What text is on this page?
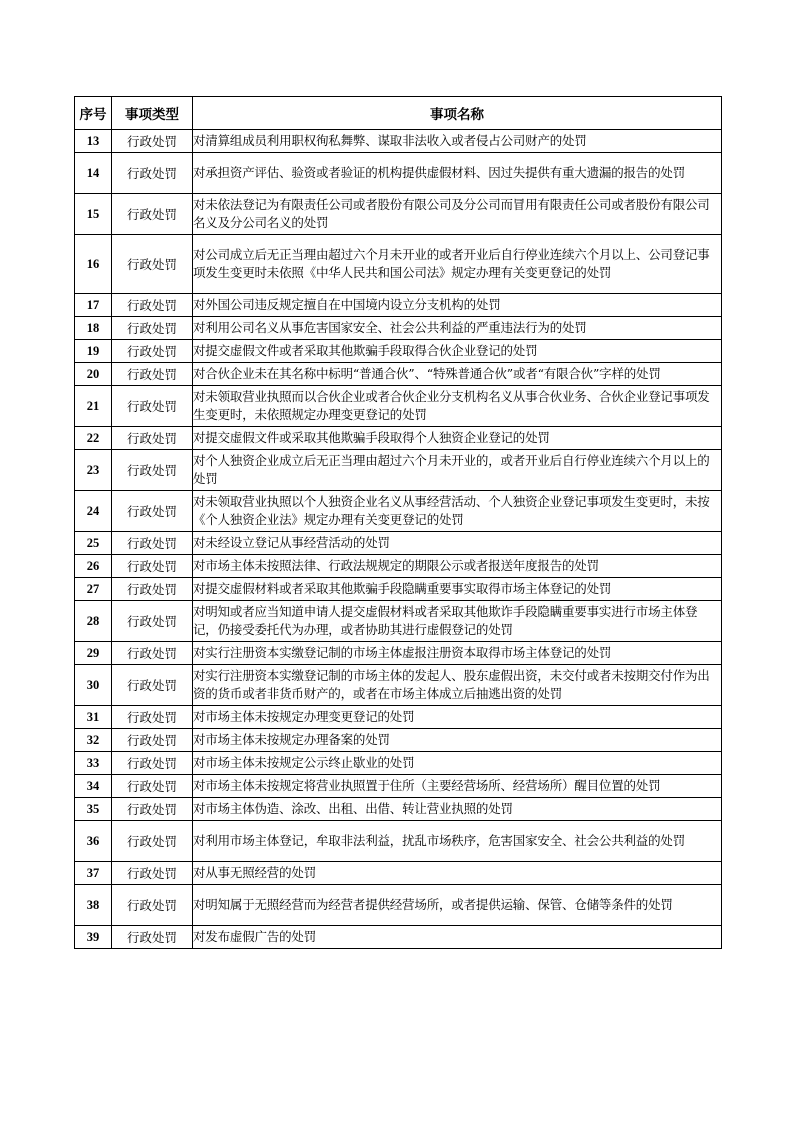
序号	事项类型	事项名称
13	行政处罚	对清算组成员利用职权徇私舞弊、谋取非法收入或者侵占公司财产的处罚
14	行政处罚	对承担资产评估、验资或者验证的机构提供虚假材料、因过失提供有重大遗漏的报告的处罚
15	行政处罚	对未依法登记为有限责任公司或者股份有限公司及分公司而冒用有限责任公司或者股份有限公司名义及分公司名义的处罚
16	行政处罚	对公司成立后无正当理由超过六个月未开业的或者开业后自行停业连续六个月以上、公司登记事项发生变更时未依照《中华人民共和国公司法》规定办理有关变更登记的处罚
17	行政处罚	对外国公司违反规定擅自在中国境内设立分支机构的处罚
18	行政处罚	对利用公司名义从事危害国家安全、社会公共利益的严重违法行为的处罚
19	行政处罚	对提交虚假文件或者采取其他欺骗手段取得合伙企业登记的处罚
20	行政处罚	对合伙企业未在其名称中标明“普通合伙”、“特殊普通合伙”或者“有限合伙”字样的处罚
21	行政处罚	对未领取营业执照而以合伙企业或者合伙企业分支机构名义从事合伙业务、合伙企业登记事项发生变更时，未依照规定办理变更登记的处罚
22	行政处罚	对提交虚假文件或采取其他欺骗手段取得个人独资企业登记的处罚
23	行政处罚	对个人独资企业成立后无正当理由超过六个月未开业的，或者开业后自行停业连续六个月以上的处罚
24	行政处罚	对未领取营业执照以个人独资企业名义从事经营活动、个人独资企业登记事项发生变更时，未按《个人独资企业法》规定办理有关变更登记的处罚
25	行政处罚	对未经设立登记从事经营活动的处罚
26	行政处罚	对市场主体未按照法律、行政法规规定的期限公示或者报送年度报告的处罚
27	行政处罚	对提交虚假材料或者采取其他欺骗手段隐瞒重要事实取得市场主体登记的处罚
28	行政处罚	对明知或者应当知道申请人提交虚假材料或者采取其他欺诈手段隐瞒重要事实进行市场主体登记，仍接受委托代为办理，或者协助其进行虚假登记的处罚
29	行政处罚	对实行注册资本实缴登记制的市场主体虚报注册资本取得市场主体登记的处罚
30	行政处罚	对实行注册资本实缴登记制的市场主体的发起人、股东虚假出资，未交付或者未按期交付作为出资的货币或者非货币财产的，或者在市场主体成立后抽逃出资的处罚
31	行政处罚	对市场主体未按规定办理变更登记的处罚
32	行政处罚	对市场主体未按规定办理备案的处罚
33	行政处罚	对市场主体未按规定公示终止歇业的处罚
34	行政处罚	对市场主体未按规定将营业执照置于住所（主要经营场所、经营场所）醒目位置的处罚
35	行政处罚	对市场主体伪造、涂改、出租、出借、转让营业执照的处罚
36	行政处罚	对利用市场主体登记，牟取非法利益，扰乱市场秩序，危害国家安全、社会公共利益的处罚
37	行政处罚	对从事无照经营的处罚
38	行政处罚	对明知属于无照经营而为经营者提供经营场所，或者提供运输、保管、仓储等条件的处罚
39	行政处罚	对发布虚假广告的处罚
